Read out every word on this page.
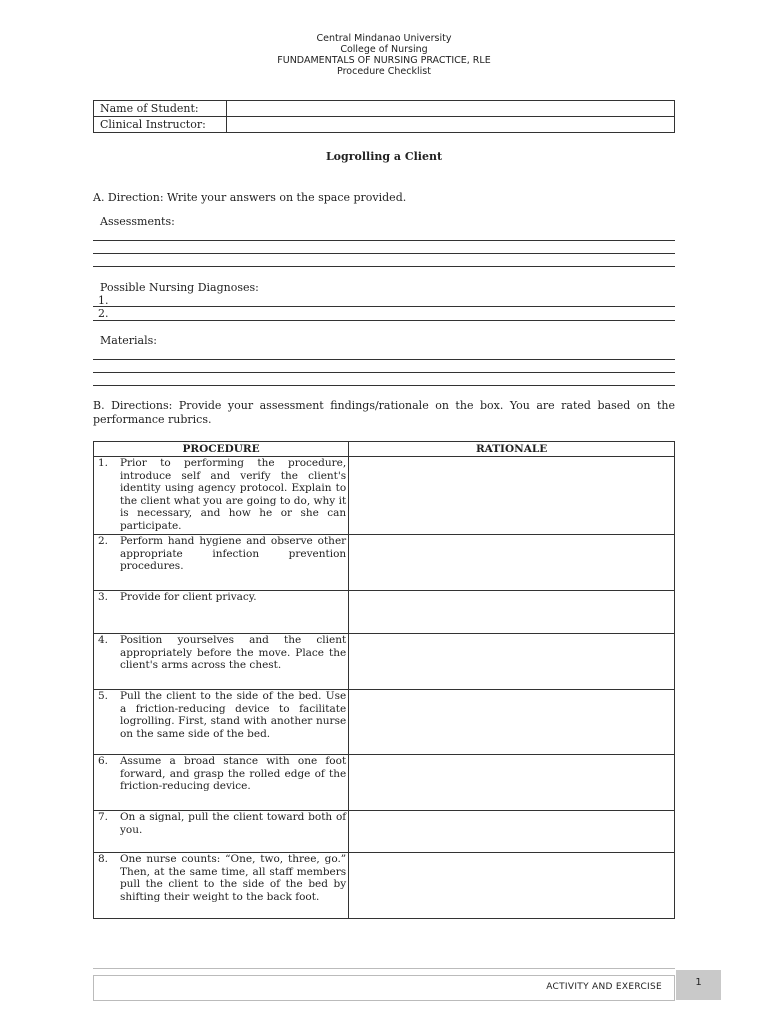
Central Mindanao University
College of Nursing
FUNDAMENTALS OF NURSING PRACTICE, RLE
Procedure Checklist
Name of Student:	
Clinical Instructor:	
Logrolling a Client
A. Direction: Write your answers on the space provided.
Assessments:
Possible Nursing Diagnoses:
1.
2.
Materials:
B. Directions: Provide your assessment findings/rationale on the box. You are rated based on the performance rubrics.
PROCEDURE		RATIONALE
1.	Prior to performing the procedure, introduce self and verify the client's identity using agency protocol. Explain to the client what you are going to do, why it is necessary, and how he or she can participate.	
2.	Perform hand hygiene and observe other appropriate infection prevention procedures.	
3.	Provide for client privacy.	
4.	Position yourselves and the client appropriately before the move. Place the client's arms across the chest.	
5.	Pull the client to the side of the bed. Use a friction-reducing device to facilitate logrolling. First, stand with another nurse on the same side of the bed.	
6.	Assume a broad stance with one foot forward, and grasp the rolled edge of the friction-reducing device.	
7.	On a signal, pull the client toward both of you.	
8.	One nurse counts: “One, two, three, go.” Then, at the same time, all staff members pull the client to the side of the bed by shifting their weight to the back foot.	
ACTIVITY AND EXERCISE	1
